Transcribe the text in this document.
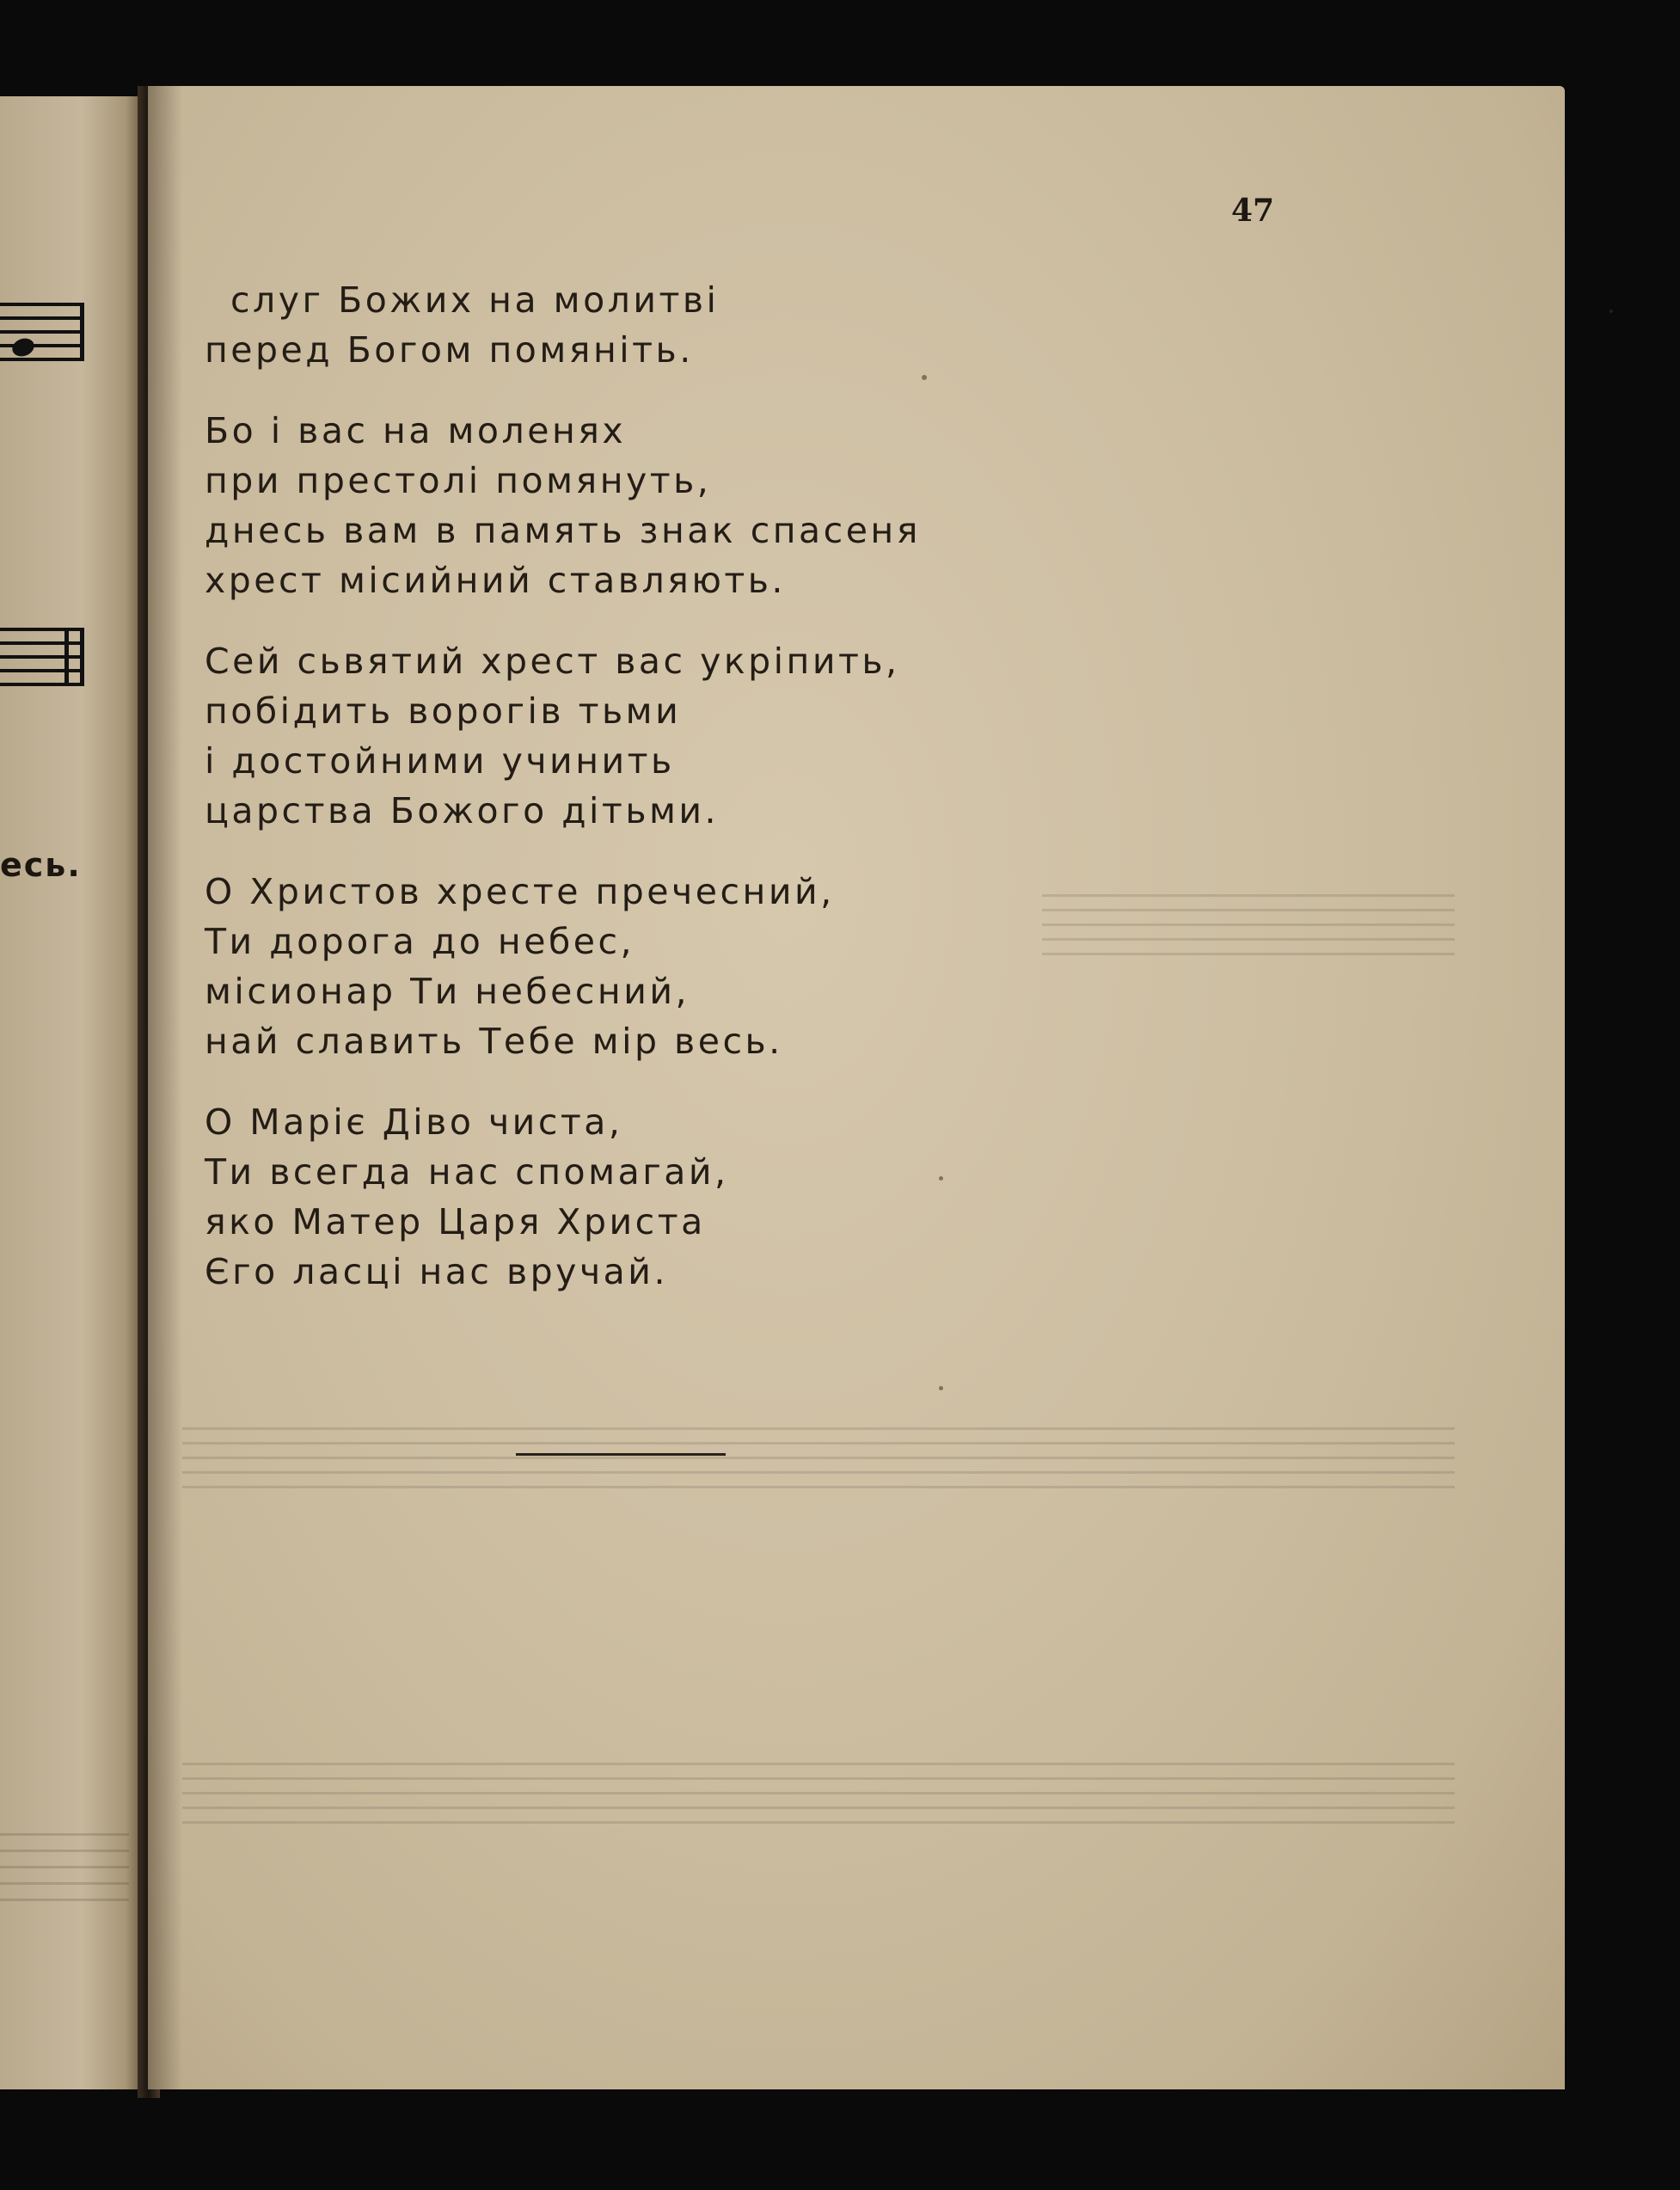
есь.
47
слуг Божих на молитві
перед Богом помяніть.
Бо і вас на моленях
при престолі помянуть,
днесь вам в память знак спасеня
хрест місийний ставляють.
Сей сьвятий хрест вас укріпить,
побідить ворогів тьми
і достойними учинить
царства Божого дітьми.
О Христов хресте пречесний,
Ти дорога до небес,
місионар Ти небесний,
най славить Тебе мір весь.
О Маріє Діво чиста,
Ти всегда нас спомагай,
яко Матер Царя Христа
Єго ласці нас вручай.
